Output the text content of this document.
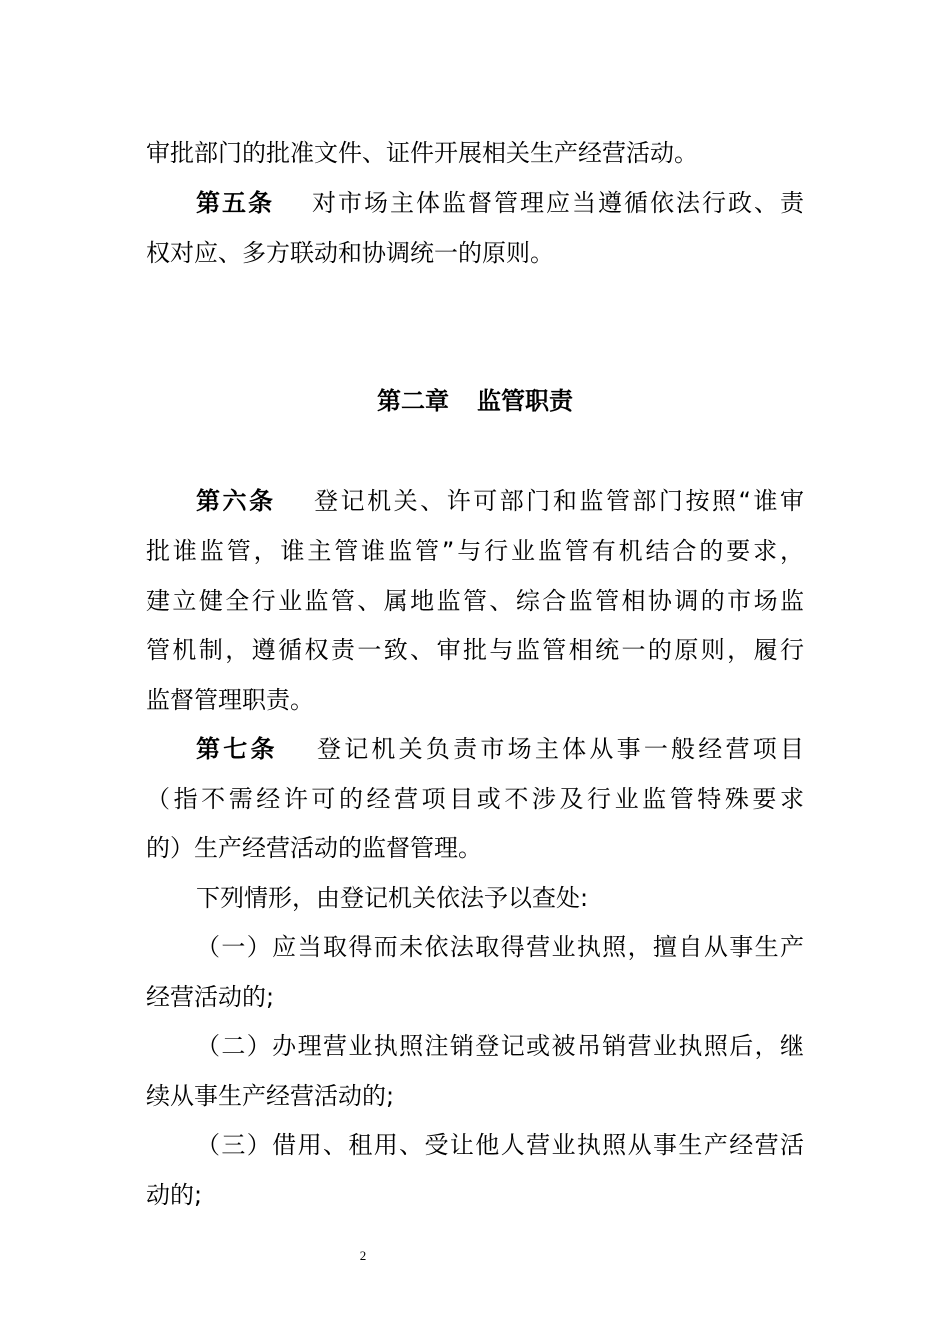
审批部门的批准文件、证件开展相关生产经营活动。
第五条 对市场主体监督管理应当遵循依法行政、责
权对应、多方联动和协调统一的原则。
第二章 监管职责
第六条 登记机关、许可部门和监管部门按照“谁审
批谁监管，谁主管谁监管”与行业监管有机结合的要求，
建立健全行业监管、属地监管、综合监管相协调的市场监
管机制，遵循权责一致、审批与监管相统一的原则，履行
监督管理职责。
第七条 登记机关负责市场主体从事一般经营项目
（指不需经许可的经营项目或不涉及行业监管特殊要求
的）生产经营活动的监督管理。
下列情形，由登记机关依法予以查处:
（一）应当取得而未依法取得营业执照，擅自从事生产
经营活动的;
（二）办理营业执照注销登记或被吊销营业执照后，继
续从事生产经营活动的;
（三）借用、租用、受让他人营业执照从事生产经营活
动的;
2
